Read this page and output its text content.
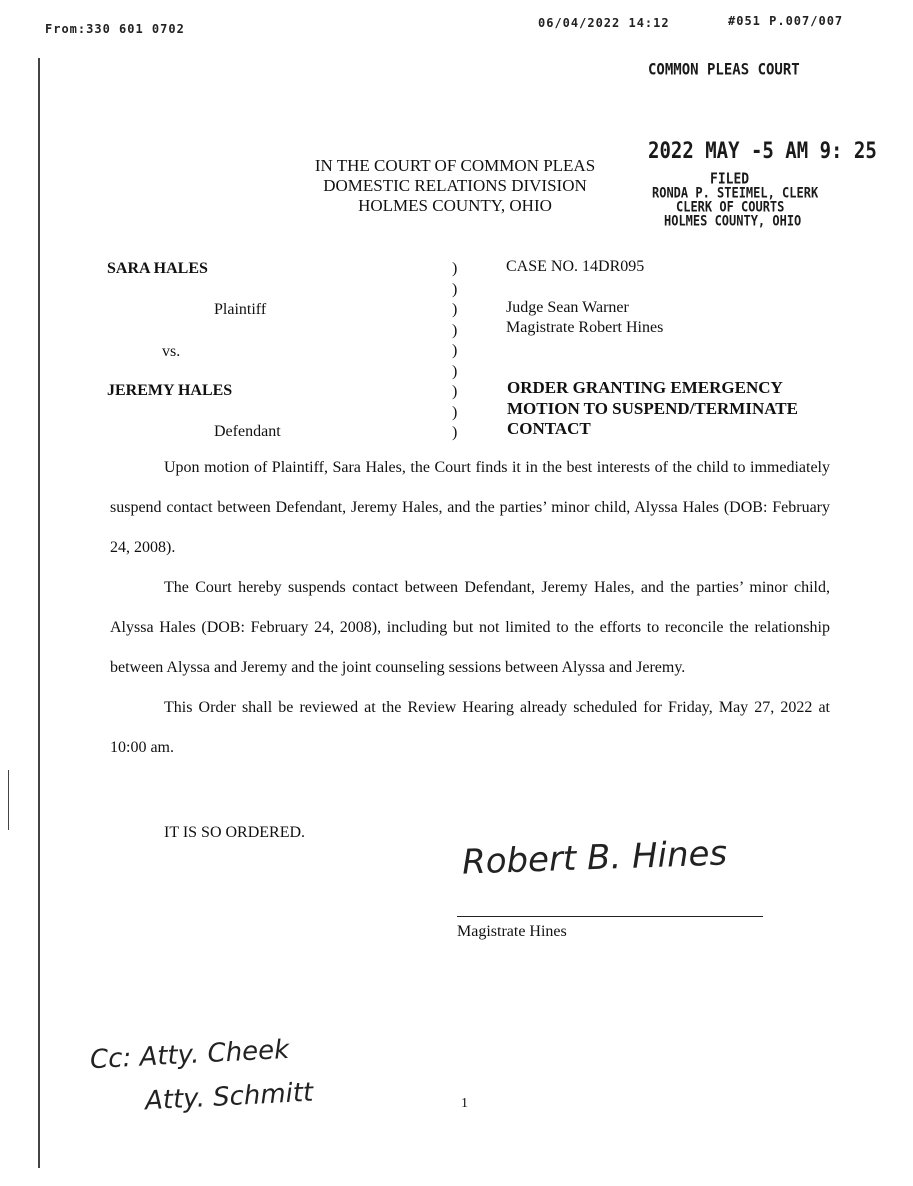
From:330 601 0702	06/04/2022 14:12	#051 P.007/007
COMMON PLEAS COURT
2022 MAY -5 AM 9: 25
FILED
RONDA P. STEIMEL, CLERK
CLERK OF COURTS
HOLMES COUNTY, OHIO
IN THE COURT OF COMMON PLEAS
DOMESTIC RELATIONS DIVISION
HOLMES COUNTY, OHIO
SARA HALES
Plaintiff
vs.
JEREMY HALES
Defendant
)
)
)
)
)
)
)
)
)
CASE NO. 14DR095
Judge Sean Warner
Magistrate Robert Hines
ORDER GRANTING EMERGENCY
MOTION TO SUSPEND/TERMINATE
CONTACT

Upon motion of Plaintiff, Sara Hales, the Court finds it in the best interests of the child to immediately suspend contact between Defendant, Jeremy Hales, and the parties’ minor child, Alyssa Hales (DOB: February 24, 2008).

The Court hereby suspends contact between Defendant, Jeremy Hales, and the parties’ minor child, Alyssa Hales (DOB: February 24, 2008), including but not limited to the efforts to reconcile the relationship between Alyssa and Jeremy and the joint counseling sessions between Alyssa and Jeremy.

This Order shall be reviewed at the Review Hearing already scheduled for Friday, May 27, 2022 at 10:00 am.

IT IS SO ORDERED.
Robert B. Hines
Magistrate Hines
Cc: Atty. Cheek
Atty. Schmitt	1
